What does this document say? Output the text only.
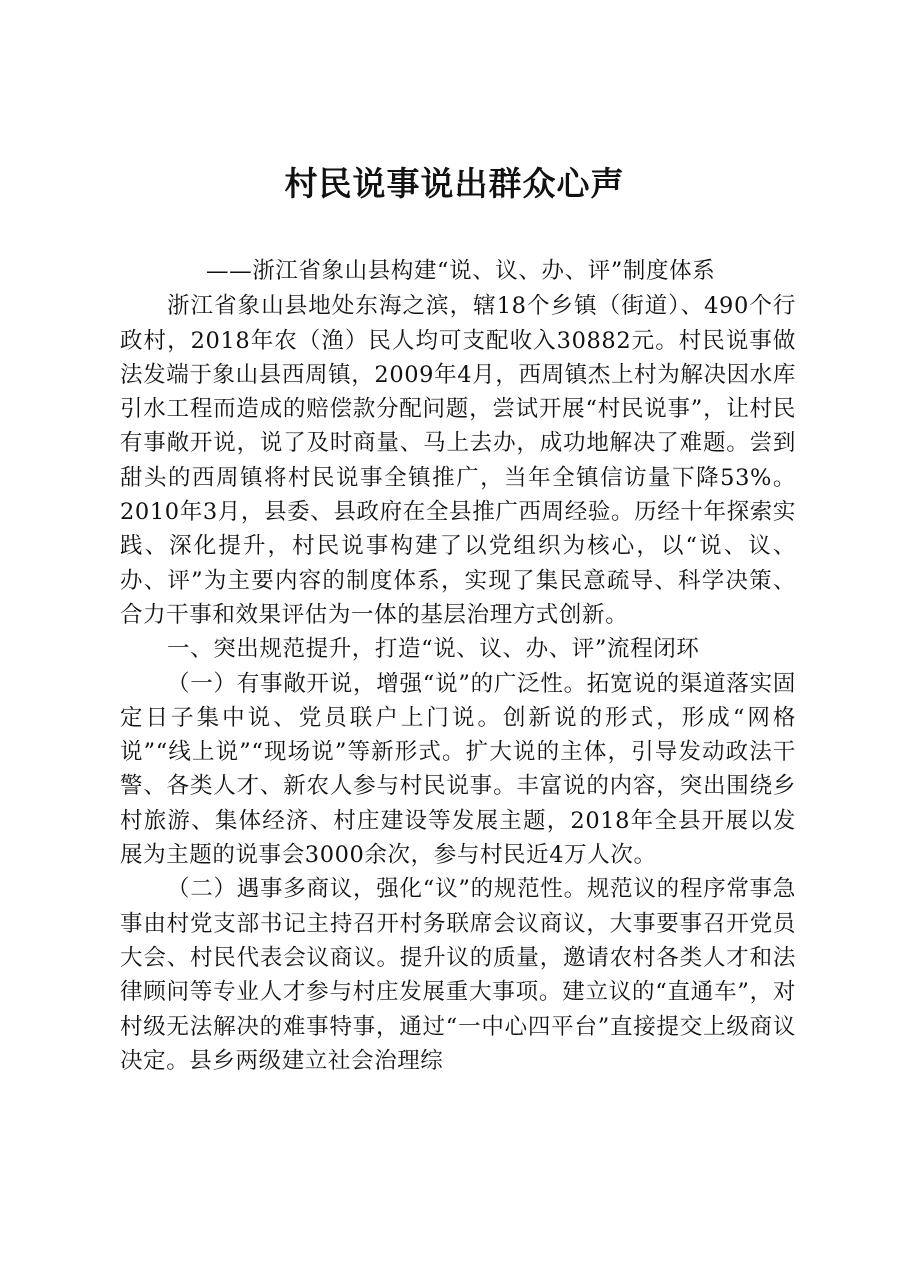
村民说事说出群众心声

——浙江省象山县构建“说、议、办、评”制度体系

浙江省象山县地处东海之滨，辖18个乡镇（街道）、490个行政村，2018年农（渔）民人均可支配收入30882元。村民说事做法发端于象山县西周镇，2009年4月，西周镇杰上村为解决因水库引水工程而造成的赔偿款分配问题，尝试开展“村民说事”，让村民有事敞开说，说了及时商量、马上去办，成功地解决了难题。尝到甜头的西周镇将村民说事全镇推广，当年全镇信访量下降53%。2010年3月，县委、县政府在全县推广西周经验。历经十年探索实践、深化提升，村民说事构建了以党组织为核心，以“说、议、办、评”为主要内容的制度体系，实现了集民意疏导、科学决策、合力干事和效果评估为一体的基层治理方式创新。

一、突出规范提升，打造“说、议、办、评”流程闭环

（一）有事敞开说，增强“说”的广泛性。拓宽说的渠道落实固定日子集中说、党员联户上门说。创新说的形式，形成“网格说”“线上说”“现场说”等新形式。扩大说的主体，引导发动政法干警、各类人才、新农人参与村民说事。丰富说的内容，突出围绕乡村旅游、集体经济、村庄建设等发展主题，2018年全县开展以发展为主题的说事会3000余次，参与村民近4万人次。

（二）遇事多商议，强化“议”的规范性。规范议的程序常事急事由村党支部书记主持召开村务联席会议商议，大事要事召开党员大会、村民代表会议商议。提升议的质量，邀请农村各类人才和法律顾问等专业人才参与村庄发展重大事项。建立议的“直通车”，对村级无法解决的难事特事，通过“一中心四平台”直接提交上级商议决定。县乡两级建立社会治理综
